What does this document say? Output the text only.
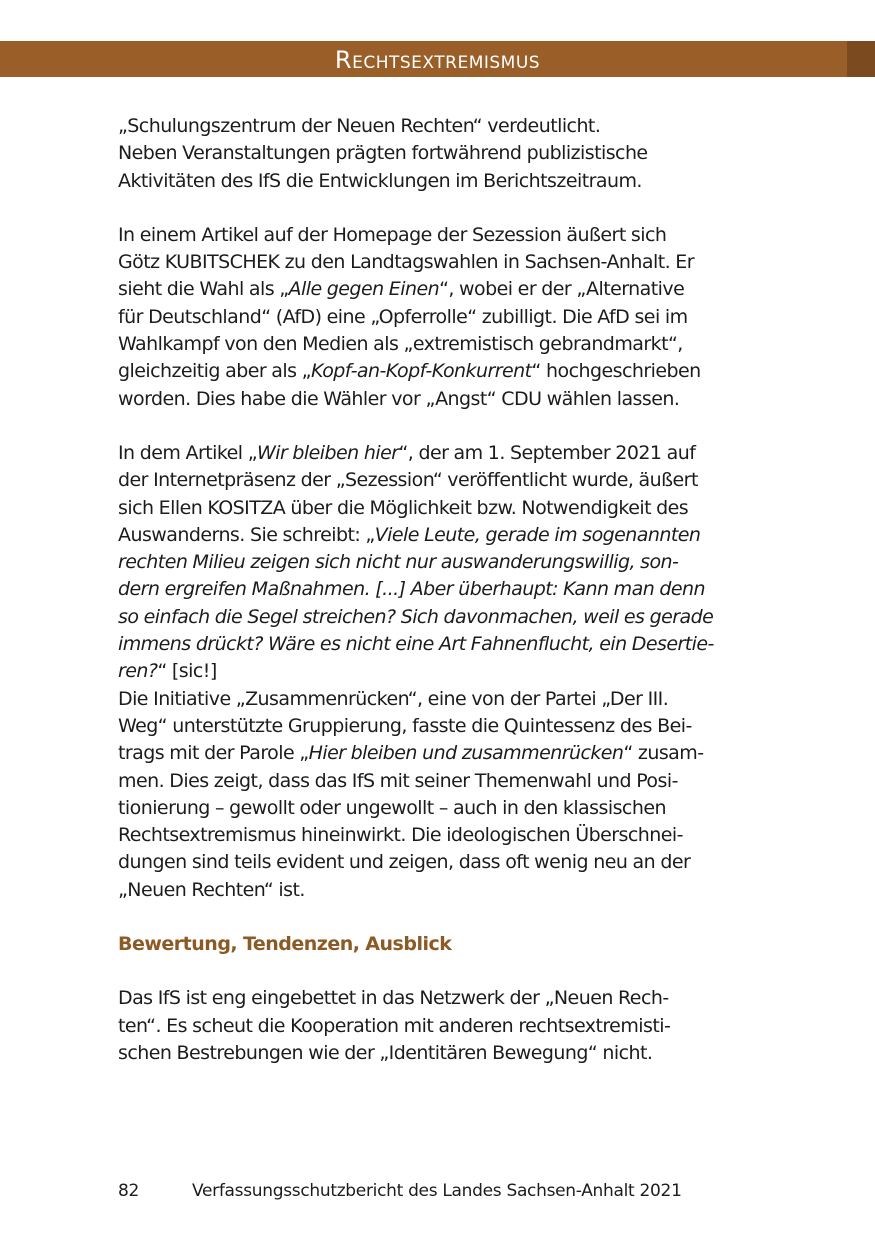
Rechtsextremismus

„Schulungszentrum der Neuen Rechten“ verdeutlicht.
Neben Veranstaltungen prägten fortwährend publizistische
Aktivitäten des IfS die Entwicklungen im Berichtszeitraum.

In einem Artikel auf der Homepage der Sezession äußert sich
Götz KUBITSCHEK zu den Landtagswahlen in Sachsen-Anhalt. Er
sieht die Wahl als „Alle gegen Einen“, wobei er der „Alternative
für Deutschland“ (AfD) eine „Opferrolle“ zubilligt. Die AfD sei im
Wahlkampf von den Medien als „extremistisch gebrandmarkt“,
gleichzeitig aber als „Kopf-an-Kopf-Konkurrent“ hochgeschrieben
worden. Dies habe die Wähler vor „Angst“ CDU wählen lassen.

In dem Artikel „Wir bleiben hier“, der am 1. September 2021 auf
der Internetpräsenz der „Sezession“ veröffentlicht wurde, äußert
sich Ellen KOSITZA über die Möglichkeit bzw. Notwendigkeit des
Auswanderns. Sie schreibt: „Viele Leute, gerade im sogenannten
rechten Milieu zeigen sich nicht nur auswanderungswillig, son-
dern ergreifen Maßnahmen. [...] Aber überhaupt: Kann man denn
so einfach die Segel streichen? Sich davonmachen, weil es gerade
immens drückt? Wäre es nicht eine Art Fahnenflucht, ein Desertie-
ren?“ [sic!]
Die Initiative „Zusammenrücken“, eine von der Partei „Der III.
Weg“ unterstützte Gruppierung, fasste die Quintessenz des Bei-
trags mit der Parole „Hier bleiben und zusammenrücken“ zusam-
men. Dies zeigt, dass das IfS mit seiner Themenwahl und Posi-
tionierung – gewollt oder ungewollt – auch in den klassischen
Rechtsextremismus hineinwirkt. Die ideologischen Überschnei-
dungen sind teils evident und zeigen, dass oft wenig neu an der
„Neuen Rechten“ ist.

Bewertung, Tendenzen, Ausblick

Das IfS ist eng eingebettet in das Netzwerk der „Neuen Rech-
ten“. Es scheut die Kooperation mit anderen rechtsextremisti-
schen Bestrebungen wie der „Identitären Bewegung“ nicht.

82	Verfassungsschutzbericht des Landes Sachsen-Anhalt 2021
